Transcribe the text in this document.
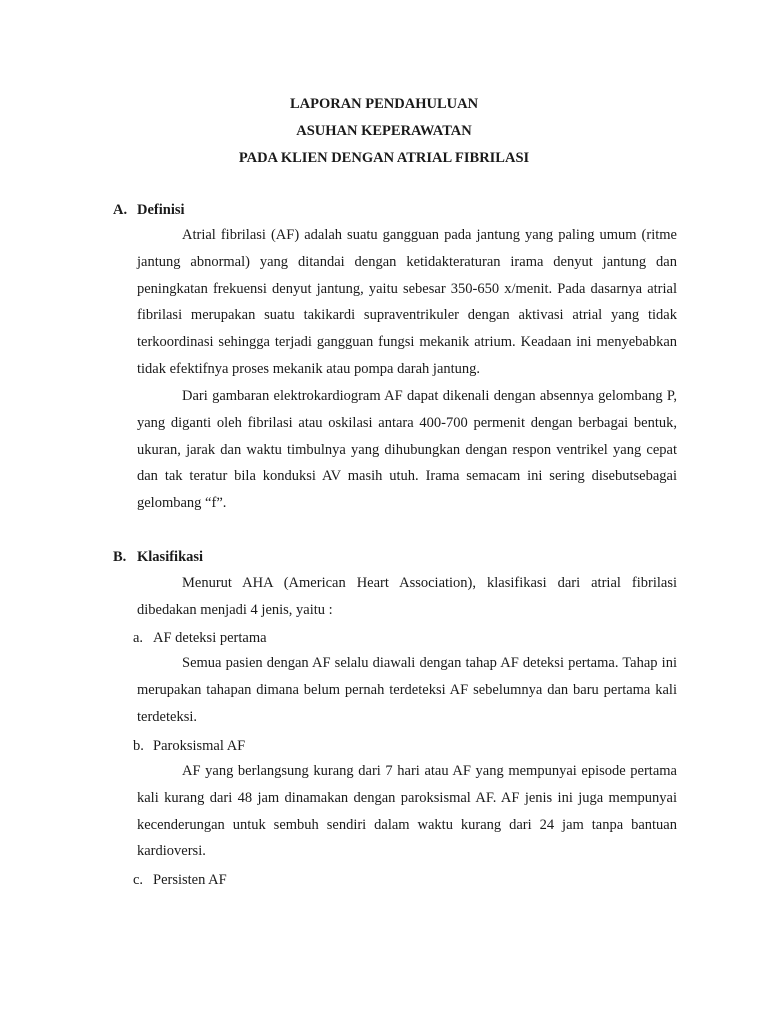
LAPORAN PENDAHULUAN
ASUHAN KEPERAWATAN
PADA KLIEN DENGAN ATRIAL FIBRILASI
A. Definisi

Atrial fibrilasi (AF) adalah suatu gangguan pada jantung yang paling umum (ritme jantung abnormal) yang ditandai dengan ketidakteraturan irama denyut jantung dan peningkatan frekuensi denyut jantung, yaitu sebesar 350-650 x/menit. Pada dasarnya atrial fibrilasi merupakan suatu takikardi supraventrikuler dengan aktivasi atrial yang tidak terkoordinasi sehingga terjadi gangguan fungsi mekanik atrium. Keadaan ini menyebabkan tidak efektifnya proses mekanik atau pompa darah jantung.

Dari gambaran elektrokardiogram AF dapat dikenali dengan absennya gelombang P, yang diganti oleh fibrilasi atau oskilasi antara 400-700 permenit dengan berbagai bentuk, ukuran, jarak dan waktu timbulnya yang dihubungkan dengan respon ventrikel yang cepat dan tak teratur bila konduksi AV masih utuh. Irama semacam ini sering disebutsebagai gelombang “f”.

B. Klasifikasi

Menurut AHA (American Heart Association), klasifikasi dari atrial fibrilasi dibedakan menjadi 4 jenis, yaitu :

a. AF deteksi pertama

Semua pasien dengan AF selalu diawali dengan tahap AF deteksi pertama. Tahap ini merupakan tahapan dimana belum pernah terdeteksi AF sebelumnya dan baru pertama kali terdeteksi.

b. Paroksismal AF

AF yang berlangsung kurang dari 7 hari atau AF yang mempunyai episode pertama kali kurang dari 48 jam dinamakan dengan paroksismal AF. AF jenis ini juga mempunyai kecenderungan untuk sembuh sendiri dalam waktu kurang dari 24 jam tanpa bantuan kardioversi.

c. Persisten AF
